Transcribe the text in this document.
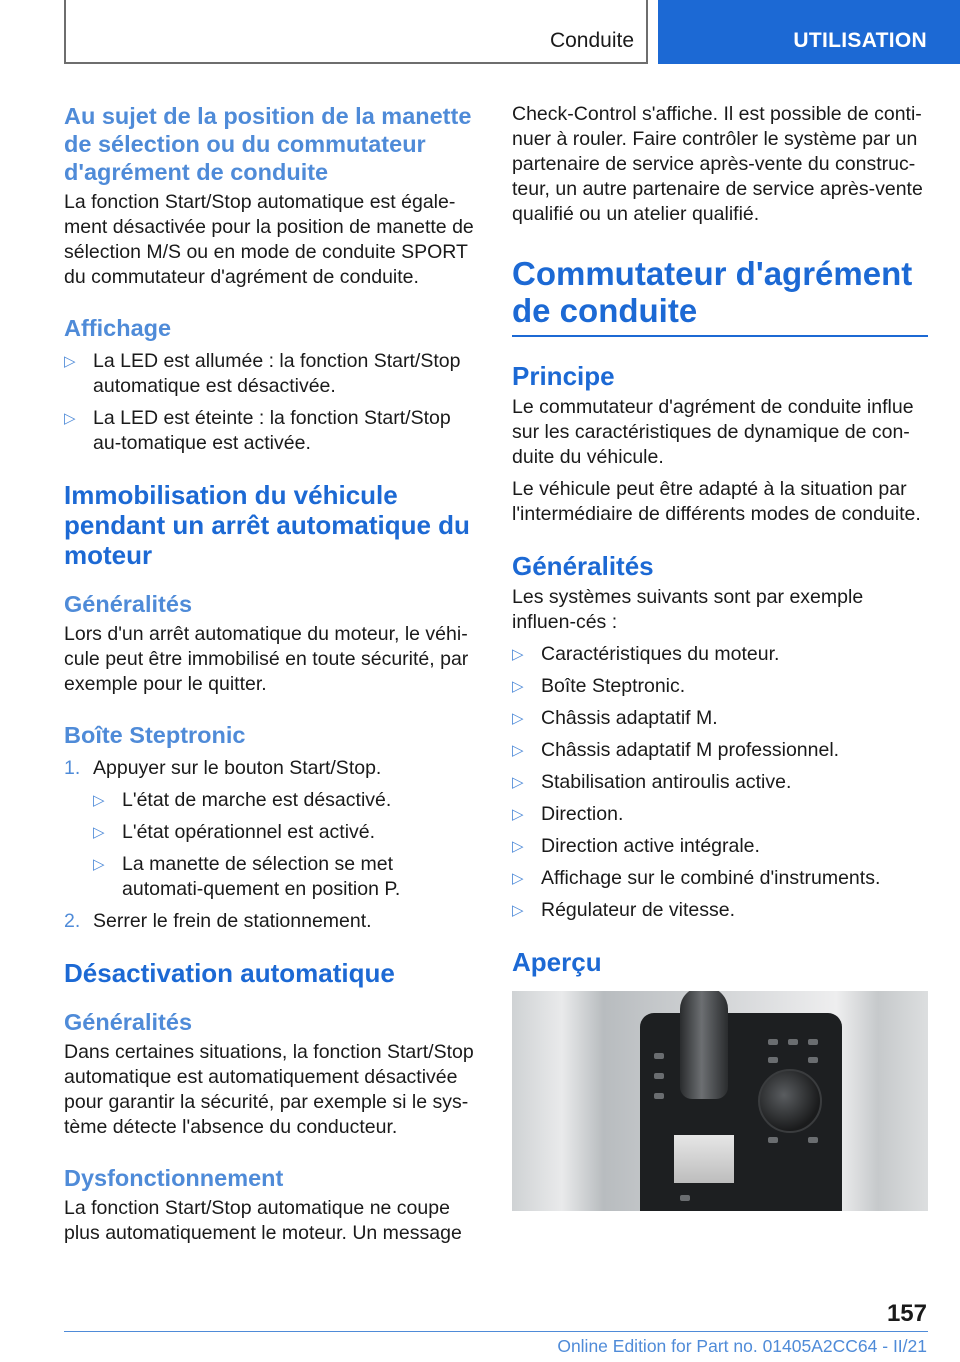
Conduite	UTILISATION
Au sujet de la position de la manette de sélection ou du commutateur d'agrément de conduite

La fonction Start/Stop automatique est égale‐ment désactivée pour la position de manette de sélection M/S ou en mode de conduite SPORT du commutateur d'agrément de conduite.

Affichage
▷ La LED est allumée : la fonction Start/Stop automatique est désactivée.
▷ La LED est éteinte : la fonction Start/Stop au‐tomatique est activée.
Immobilisation du véhicule pendant un arrêt automatique du moteur
Généralités

Lors d'un arrêt automatique du moteur, le véhi‐cule peut être immobilisé en toute sécurité, par exemple pour le quitter.

Boîte Steptronic
1. Appuyer sur le bouton Start/Stop.
▷ L'état de marche est désactivé.
▷ L'état opérationnel est activé.
▷ La manette de sélection se met automati‐quement en position P.
2. Serrer le frein de stationnement.
Désactivation automatique
Généralités

Dans certaines situations, la fonction Start/Stop automatique est automatiquement désactivée pour garantir la sécurité, par exemple si le sys‐tème détecte l'absence du conducteur.

Dysfonctionnement

La fonction Start/Stop automatique ne coupe plus automatiquement le moteur. Un message

Check-Control s'affiche. Il est possible de conti‐nuer à rouler. Faire contrôler le système par un partenaire de service après-vente du construc‐teur, un autre partenaire de service après-vente qualifié ou un atelier qualifié.

Commutateur d'agrément de conduite
Principe

Le commutateur d'agrément de conduite influe sur les caractéristiques de dynamique de con‐duite du véhicule.

Le véhicule peut être adapté à la situation par l'intermédiaire de différents modes de conduite.

Généralités

Les systèmes suivants sont par exemple influen‐cés :

▷ Caractéristiques du moteur.
▷ Boîte Steptronic.
▷ Châssis adaptatif M.
▷ Châssis adaptatif M professionnel.
▷ Stabilisation antiroulis active.
▷ Direction.
▷ Direction active intégrale.
▷ Affichage sur le combiné d'instruments.
▷ Régulateur de vitesse.
Aperçu
157
Online Edition for Part no. 01405A2CC64 - II/21
